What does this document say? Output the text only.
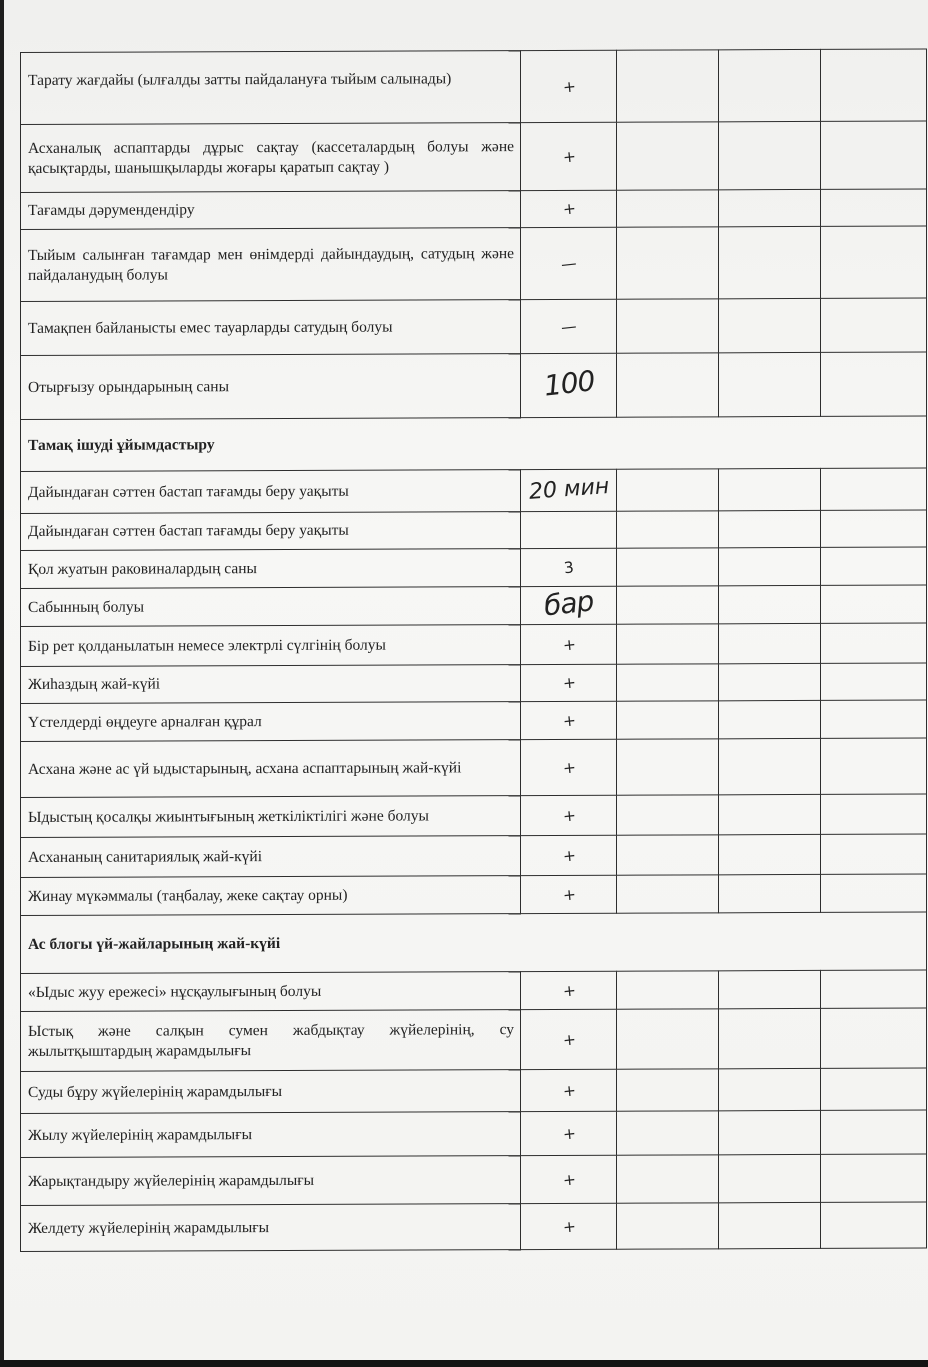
Тарату жағдайы (ылғалды затты пайдалануға тыйым салынады)	+			
Асханалық аспаптарды дұрыс сақтау (кассеталардың болуы және қасықтарды, шанышқыларды жоғары қаратып сақтау )	+			
Тағамды дәрумендендіру	+			
Тыйым салынған тағамдар мен өнімдерді дайындаудың, сатудың және пайдаланудың болуы	—			
Тамақпен байланысты емес тауарларды сатудың болуы	—			
Отырғызу орындарының саны	100			
Тамақ ішуді ұйымдастыру				
Дайындаған сәттен бастап тағамды беру уақыты	20 мин			
Дайындаған сәттен бастап тағамды беру уақыты				
Қол жуатын раковиналардың саны	3			
Сабынның болуы	бар			
Бір рет қолданылатын немесе электрлі сүлгінің болуы	+			
Жиһаздың жай-күйі	+			
Үстелдерді өңдеуге арналған құрал	+			
Асхана және ас үй ыдыстарының, асхана аспаптарының жай-күйі	+			
Ыдыстың қосалқы жиынтығының жеткіліктілігі және болуы	+			
Асхананың санитариялық жай-күйі	+			
Жинау мүкәммалы (таңбалау, жеке сақтау орны)	+			
Ас блогы үй-жайларының жай-күйі				
«Ыдыс жуу ережесі» нұсқаулығының болуы	+			
Ыстық және салқын сумен жабдықтау жүйелерінің, су жылытқыштардың жарамдылығы	+			
Суды бұру жүйелерінің жарамдылығы	+			
Жылу жүйелерінің жарамдылығы	+			
Жарықтандыру жүйелерінің жарамдылығы	+			
Желдету жүйелерінің жарамдылығы	+			
